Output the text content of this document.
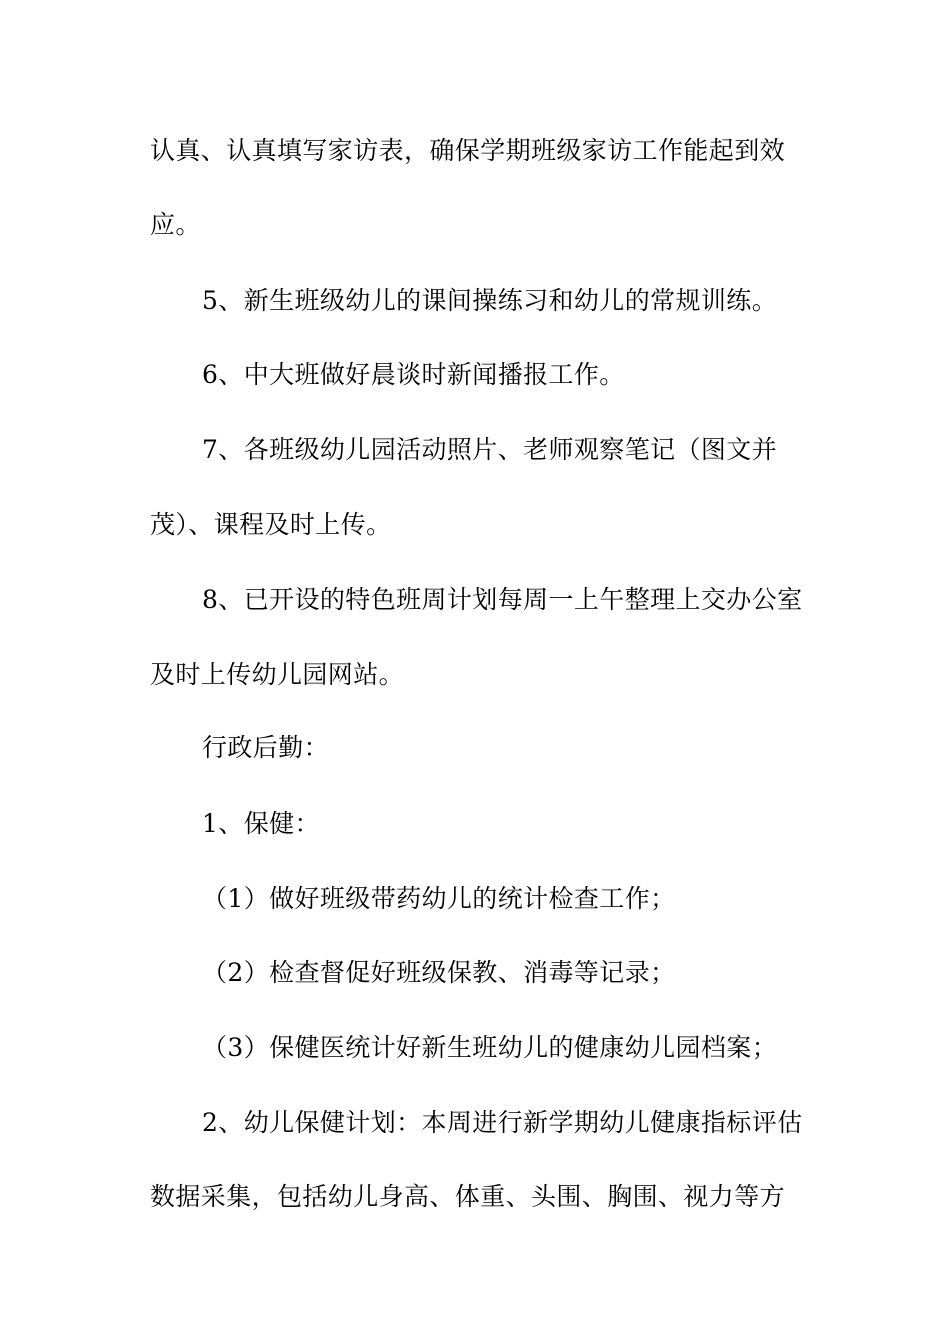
认真、认真填写家访表，确保学期班级家访工作能起到效
应。
5、新生班级幼儿的课间操练习和幼儿的常规训练。
6、中大班做好晨谈时新闻播报工作。
7、各班级幼儿园活动照片、老师观察笔记（图文并
茂）、课程及时上传。
8、已开设的特色班周计划每周一上午整理上交办公室
及时上传幼儿园网站。
行政后勤：
1、保健：
（1）做好班级带药幼儿的统计检查工作；
（2）检查督促好班级保教、消毒等记录；
（3）保健医统计好新生班幼儿的健康幼儿园档案；
2、幼儿保健计划：本周进行新学期幼儿健康指标评估
数据采集，包括幼儿身高、体重、头围、胸围、视力等方
